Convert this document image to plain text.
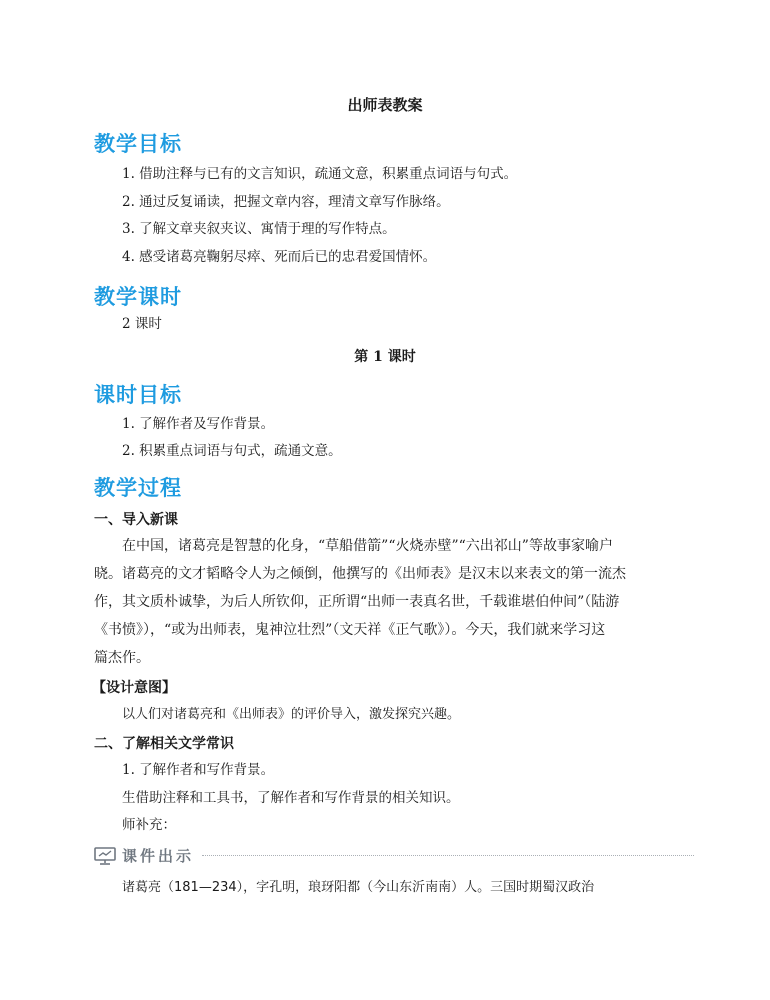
出师表教案
教学目标
1. 借助注释与已有的文言知识，疏通文意，积累重点词语与句式。
2. 通过反复诵读，把握文章内容，理清文章写作脉络。
3. 了解文章夹叙夹议、寓情于理的写作特点。
4. 感受诸葛亮鞠躬尽瘁、死而后已的忠君爱国情怀。
教学课时
2 课时
第 1 课时
课时目标
1. 了解作者及写作背景。
2. 积累重点词语与句式，疏通文意。
教学过程
一、导入新课
在中国，诸葛亮是智慧的化身，“草船借箭”“火烧赤壁”“六出祁山”等故事家喻户
晓。诸葛亮的文才韬略令人为之倾倒，他撰写的《出师表》是汉末以来表文的第一流杰
作，其文质朴诚挚，为后人所钦仰，正所谓“出师一表真名世，千载谁堪伯仲间”（陆游
《书愤》），“或为出师表，鬼神泣壮烈”（文天祥《正气歌》）。今天，我们就来学习这
篇杰作。
【设计意图】
以人们对诸葛亮和《出师表》的评价导入，激发探究兴趣。
二、了解相关文学常识
1. 了解作者和写作背景。
生借助注释和工具书，了解作者和写作背景的相关知识。
师补充：
课件出示
诸葛亮（181—234），字孔明，琅玡阳都（今山东沂南南）人。三国时期蜀汉政治
